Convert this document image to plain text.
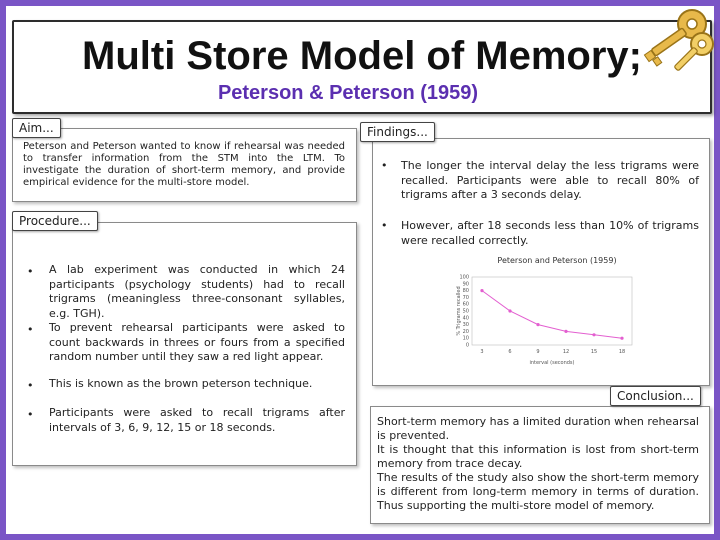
Multi Store Model of Memory;
Peterson & Peterson (1959)
Peterson and Peterson wanted to know if rehearsal was needed to transfer information from the STM into the LTM. To investigate the duration of short-term memory, and provide empirical evidence for the multi-store model.
Aim...
• A lab experiment was conducted in which 24 participants (psychology students) had to recall trigrams (meaningless three-consonant syllables, e.g. TGH).
• To prevent rehearsal participants were asked to count backwards in threes or fours from a specified random number until they saw a red light appear.
• This is known as the brown peterson technique.
• Participants were asked to recall trigrams after intervals of 3, 6, 9, 12, 15 or 18 seconds.
Procedure...
• The longer the interval delay the less trigrams were recalled. Participants were able to recall 80% of trigrams after a 3 seconds delay.
• However, after 18 seconds less than 10% of trigrams were recalled correctly.
Findings...
Peterson and Peterson (1959)
% Trigrams recalled
interval (seconds)
0
10
20
30
40
50
60
70
80
90
100
3	6	9	12	15	18
Short-term memory has a limited duration when rehearsal is prevented.
It is thought that this information is lost from short-term memory from trace decay.
The results of the study also show the short-term memory is different from long-term memory in terms of duration. Thus supporting the multi-store model of memory.
Conclusion...
